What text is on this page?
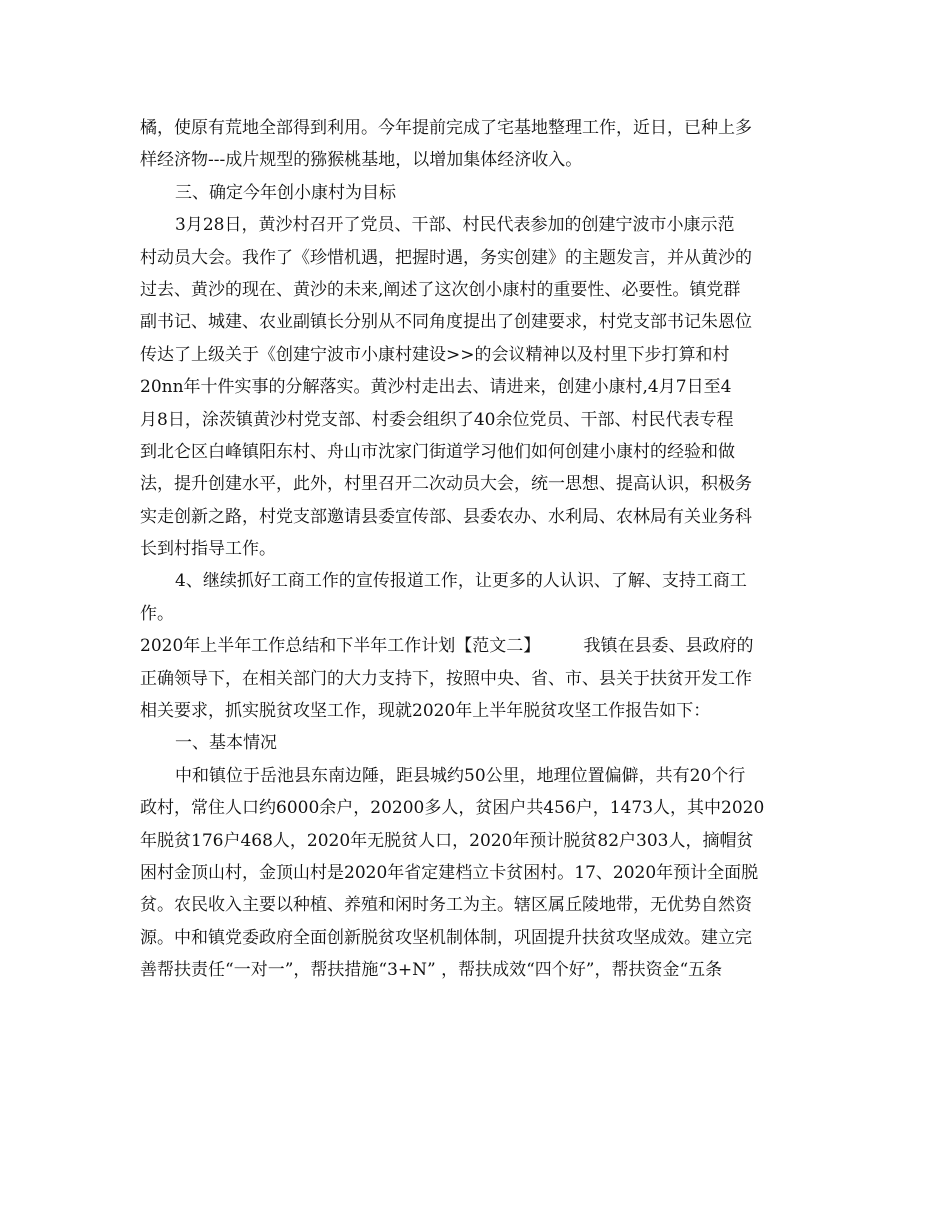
橘，使原有荒地全部得到利用。今年提前完成了宅基地整理工作，近日，已种上多
样经济物---成片规型的猕猴桃基地，以增加集体经济收入。
三、确定今年创小康村为目标
3月28日，黄沙村召开了党员、干部、村民代表参加的创建宁波市小康示范
村动员大会。我作了《珍惜机遇，把握时遇，务实创建》的主题发言，并从黄沙的
过去、黄沙的现在、黄沙的未来,阐述了这次创小康村的重要性、必要性。镇党群
副书记、城建、农业副镇长分别从不同角度提出了创建要求，村党支部书记朱恩位
传达了上级关于《创建宁波市小康村建设>>的会议精神以及村里下步打算和村
20nn年十件实事的分解落实。黄沙村走出去、请进来，创建小康村,4月7日至4
月8日，涂茨镇黄沙村党支部、村委会组织了40余位党员、干部、村民代表专程
到北仑区白峰镇阳东村、舟山市沈家门街道学习他们如何创建小康村的经验和做
法，提升创建水平，此外，村里召开二次动员大会，统一思想、提高认识，积极务
实走创新之路，村党支部邀请县委宣传部、县委农办、水利局、农林局有关业务科
长到村指导工作。
4、继续抓好工商工作的宣传报道工作，让更多的人认识、了解、支持工商工
作。
2020年上半年工作总结和下半年工作计划【范文二】        我镇在县委、县政府的
正确领导下，在相关部门的大力支持下，按照中央、省、市、县关于扶贫开发工作
相关要求，抓实脱贫攻坚工作，现就2020年上半年脱贫攻坚工作报告如下：
一、基本情况
中和镇位于岳池县东南边陲，距县城约50公里，地理位置偏僻，共有20个行
政村，常住人口约6000余户，20200多人，贫困户共456户，1473人，其中2020
年脱贫176户468人，2020年无脱贫人口，2020年预计脱贫82户303人，摘帽贫
困村金顶山村，金顶山村是2020年省定建档立卡贫困村。17、2020年预计全面脱
贫。农民收入主要以种植、养殖和闲时务工为主。辖区属丘陵地带，无优势自然资
源。中和镇党委政府全面创新脱贫攻坚机制体制，巩固提升扶贫攻坚成效。建立完
善帮扶责任“一对一”，帮扶措施“3+N” ，帮扶成效“四个好”，帮扶资金“五条
